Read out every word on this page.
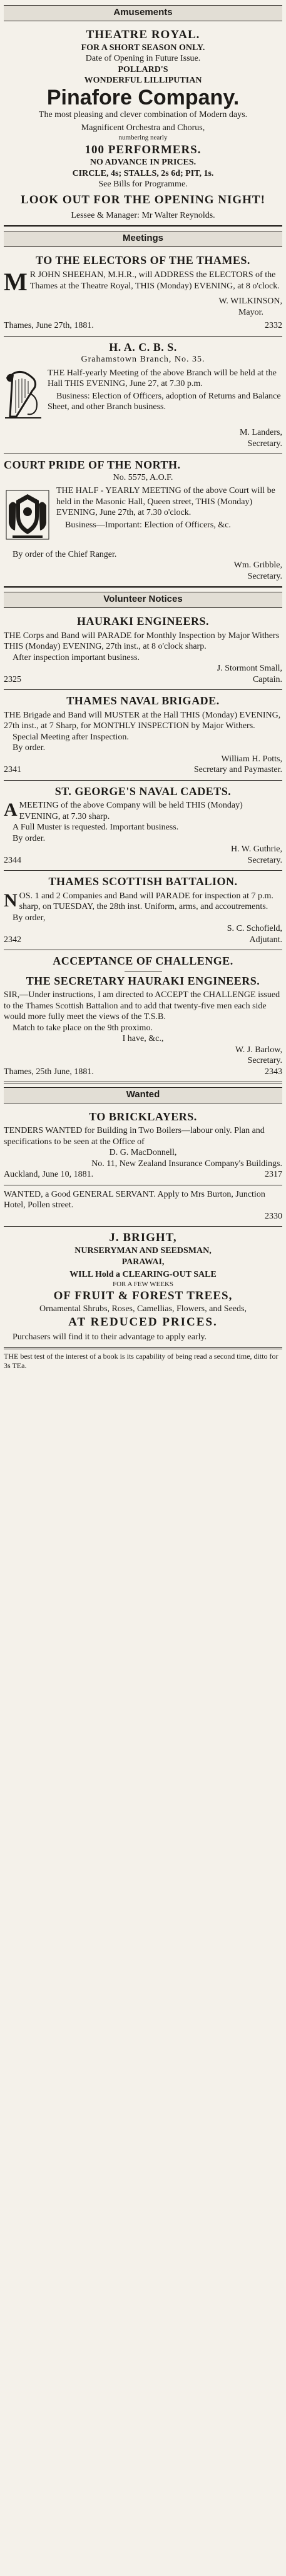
Amusements

THEATRE ROYAL.

FOR A SHORT SEASON ONLY.

Date of Opening in Future Issue.

POLLARD'S

WONDERFUL LILLIPUTIAN

Pinafore Company.

The most pleasing and clever combination of Modern days.

Magnificent Orchestra and Chorus,

numbering nearly

100 PERFORMERS.

NO ADVANCE IN PRICES.

CIRCLE, 4s; STALLS, 2s 6d; PIT, 1s.

See Bills for Programme.

LOOK OUT FOR THE OPENING NIGHT!

Lessee & Manager: Mr Walter Reynolds.

Meetings

TO THE ELECTORS OF THE THAMES.

M R JOHN SHEEHAN, M.H.R., will ADDRESS the ELECTORS of the Thames at the Theatre Royal, THIS (Monday) EVENING, at 8 o'clock.

W. WILKINSON,

Mayor.

Thames, June 27th, 1881.	2332

H. A. C. B. S.

Grahamstown Branch, No. 35.

THE Half-yearly Meeting of the above Branch will be held at the Hall THIS EVENING, June 27, at 7.30 p.m.

Business: Election of Officers, adoption of Returns and Balance Sheet, and other Branch business.

M. Landers,

Secretary.

COURT PRIDE OF THE NORTH.

No. 5575, A.O.F.

THE HALF - YEARLY MEETING of the above Court will be held in the Masonic Hall, Queen street, THIS (Monday) EVENING, June 27th, at 7.30 o'clock.

Business—Important: Election of Officers, &c.

By order of the Chief Ranger.

Wm. Gribble,

Secretary.

Volunteer Notices

HAURAKI ENGINEERS.

THE Corps and Band will PARADE for Monthly Inspection by Major Withers THIS (Monday) EVENING, 27th inst., at 8 o'clock sharp.

After inspection important business.

J. Stormont Small,

2325	Captain.

THAMES NAVAL BRIGADE.

THE Brigade and Band will MUSTER at the Hall THIS (Monday) EVENING, 27th inst., at 7 Sharp, for MONTHLY INSPECTION by Major Withers.

Special Meeting after Inspection.

By order.

William H. Potts,

2341	Secretary and Paymaster.

ST. GEORGE'S NAVAL CADETS.

A MEETING of the above Company will be held THIS (Monday) EVENING, at 7.30 sharp.

A Full Muster is requested. Important business.

By order.

H. W. Guthrie,

2344	Secretary.

THAMES SCOTTISH BATTALION.

N OS. 1 and 2 Companies and Band will PARADE for inspection at 7 p.m. sharp, on TUESDAY, the 28th inst. Uniform, arms, and accoutrements.

By order,

S. C. Schofield,

2342	Adjutant.

ACCEPTANCE OF CHALLENGE.

THE SECRETARY HAURAKI ENGINEERS.

SIR,—Under instructions, I am directed to ACCEPT the CHALLENGE issued to the Thames Scottish Battalion and to add that twenty-five men each side would more fully meet the views of the T.S.B.

Match to take place on the 9th proximo.

I have, &c.,

W. J. Barlow,

Secretary.

Thames, 25th June, 1881.	2343
Wanted

TO BRICKLAYERS.

TENDERS WANTED for Building in Two Boilers—labour only. Plan and specifications to be seen at the Office of

D. G. MacDonnell,

No. 11, New Zealand Insurance Company's Buildings.

Auckland, June 10, 1881.	2317

WANTED, a Good GENERAL SERVANT. Apply to Mrs Burton, Junction Hotel, Pollen street.

2330

J. BRIGHT,

NURSERYMAN AND SEEDSMAN,

PARAWAI,

WILL Hold a CLEARING-OUT SALE

FOR A FEW WEEKS

OF FRUIT & FOREST TREES,

Ornamental Shrubs, Roses, Camellias, Flowers, and Seeds,

AT REDUCED PRICES.

Purchasers will find it to their advantage to apply early.

THE best test of the interest of a book is its capability of being read a second time, ditto for 3s TEa.
